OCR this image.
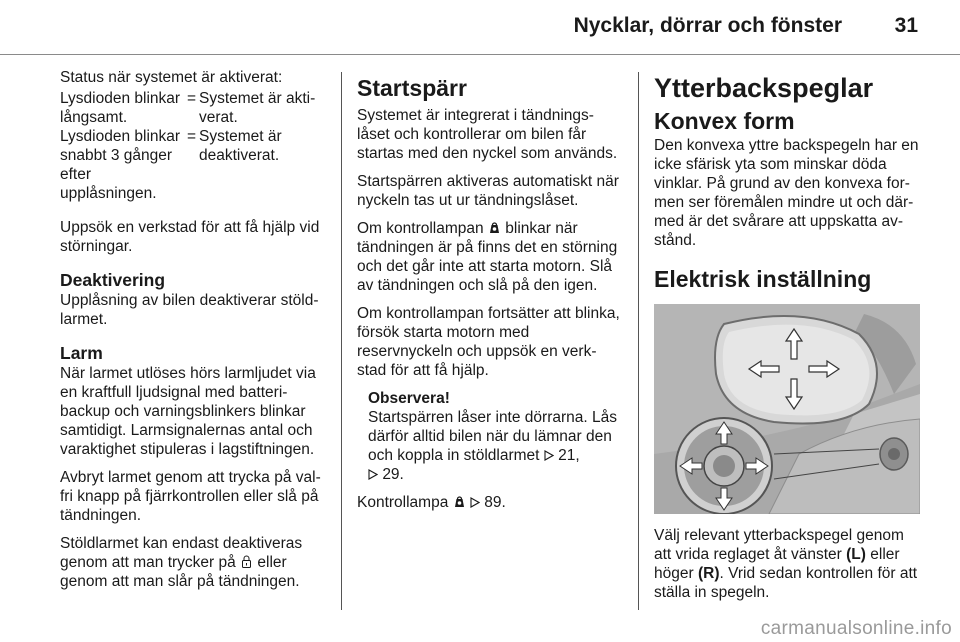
Nycklar, dörrar och fönster	31

Status när systemet är aktiverat:

Lysdioden blinkar långsamt.	=	Systemet är akti- verat.
Lysdioden blinkar snabbt 3 gånger efter upplåsningen.	=	Systemet är deaktiverat.

Uppsök en verkstad för att få hjälp vid störningar.

Deaktivering

Upplåsning av bilen deaktiverar stöld- larmet.

Larm

När larmet utlöses hörs larmljudet via en kraftfull ljudsignal med batteri- backup och varningsblinkers blinkar samtidigt. Larmsignalernas antal och varaktighet stipuleras i lagstiftningen.

Avbryt larmet genom att trycka på val- fri knapp på fjärrkontrollen eller slå på tändningen.

Stöldlarmet kan endast deaktiveras genom att man trycker på eller genom att man slår på tändningen.

Startspärr

Systemet är integrerat i tändnings- låset och kontrollerar om bilen får startas med den nyckel som används.

Startspärren aktiveras automatiskt när nyckeln tas ut ur tändningslåset.

Om kontrollampan blinkar när tändningen är på finns det en störning och det går inte att starta motorn. Slå av tändningen och slå på den igen.

Om kontrollampan fortsätter att blinka, försök starta motorn med reservnyckeln och uppsök en verk- stad för att få hjälp.

Observera!
Startspärren låser inte dörrarna. Lås därför alltid bilen när du lämnar den och koppla in stöldlarmet 21,
29.

Kontrollampa 89.

Ytterbackspeglar
Konvex form

Den konvexa yttre backspegeln har en icke sfärisk yta som minskar döda vinklar. På grund av den konvexa for- men ser föremålen mindre ut och där- med är det svårare att uppskatta av- stånd.

Elektrisk inställning

Välj relevant ytterbackspegel genom att vrida reglaget åt vänster (L) eller höger (R). Vrid sedan kontrollen för att ställa in spegeln.

carmanualsonline.info
